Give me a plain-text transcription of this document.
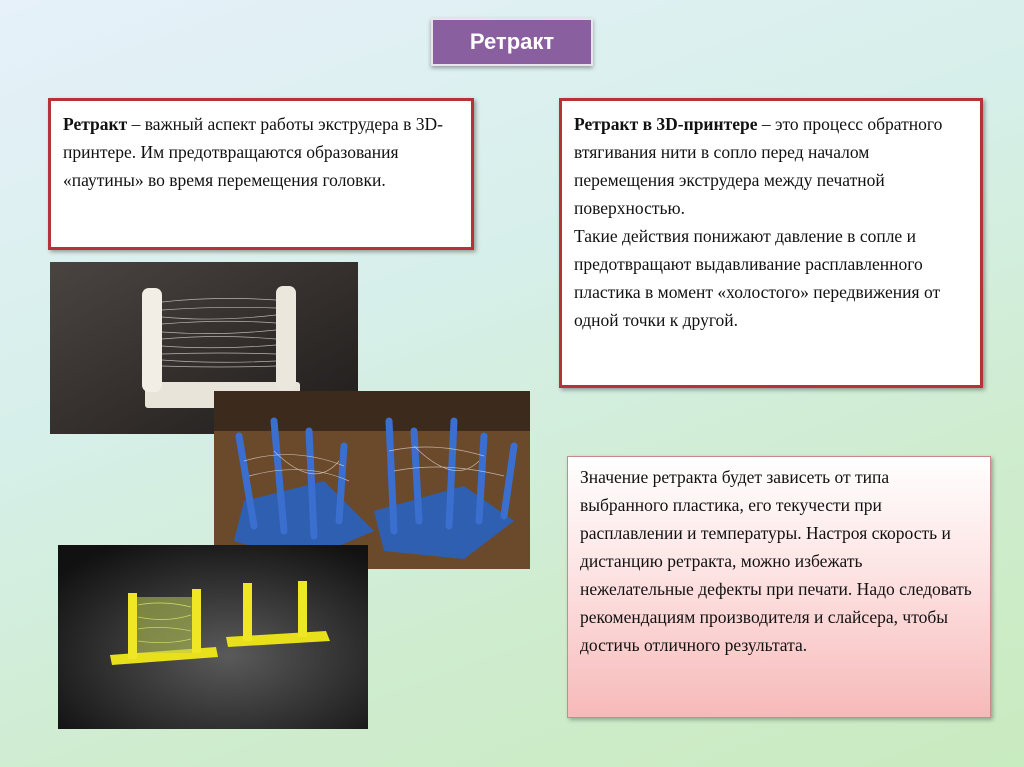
Ретракт

Ретракт – важный аспект работы экструдера в 3D-принтере. Им предотвращаются образования «паутины» во время перемещения головки.

Ретракт в 3D-принтере – это процесс обратного втягивания нити в сопло перед началом перемещения экструдера между печатной поверхностью.

Такие действия понижают давление в сопле и предотвращают выдавливание расплавленного пластика в момент «холостого» передвижения от одной точки к другой.

Значение ретракта будет зависеть от типа выбранного пластика, его текучести при расплавлении и температуры. Настроя скорость и дистанцию ретракта, можно избежать нежелательные дефекты при печати. Надо следовать рекомендациям производителя и слайсера, чтобы достичь отличного результата.
